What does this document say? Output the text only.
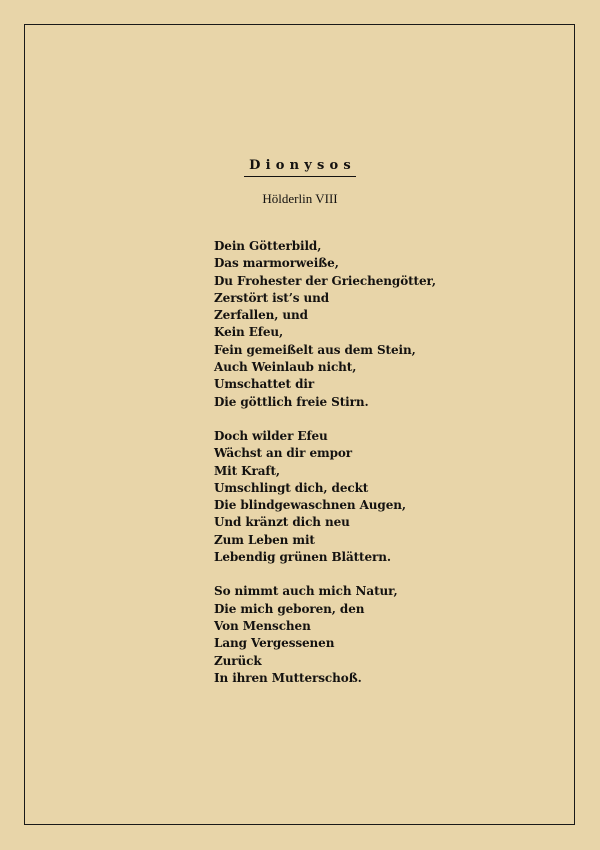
Dionysos
Hölderlin VIII
Dein Götterbild,
Das marmorweiße,
Du Frohester der Griechengötter,
Zerstört ist’s und
Zerfallen, und
Kein Efeu,
Fein gemeißelt aus dem Stein,
Auch Weinlaub nicht,
Umschattet dir
Die göttlich freie Stirn.
Doch wilder Efeu
Wächst an dir empor
Mit Kraft,
Umschlingt dich, deckt
Die blindgewaschnen Augen,
Und kränzt dich neu
Zum Leben mit
Lebendig grünen Blättern.
So nimmt auch mich Natur,
Die mich geboren, den
Von Menschen
Lang Vergessenen
Zurück
In ihren Mutterschoß.
